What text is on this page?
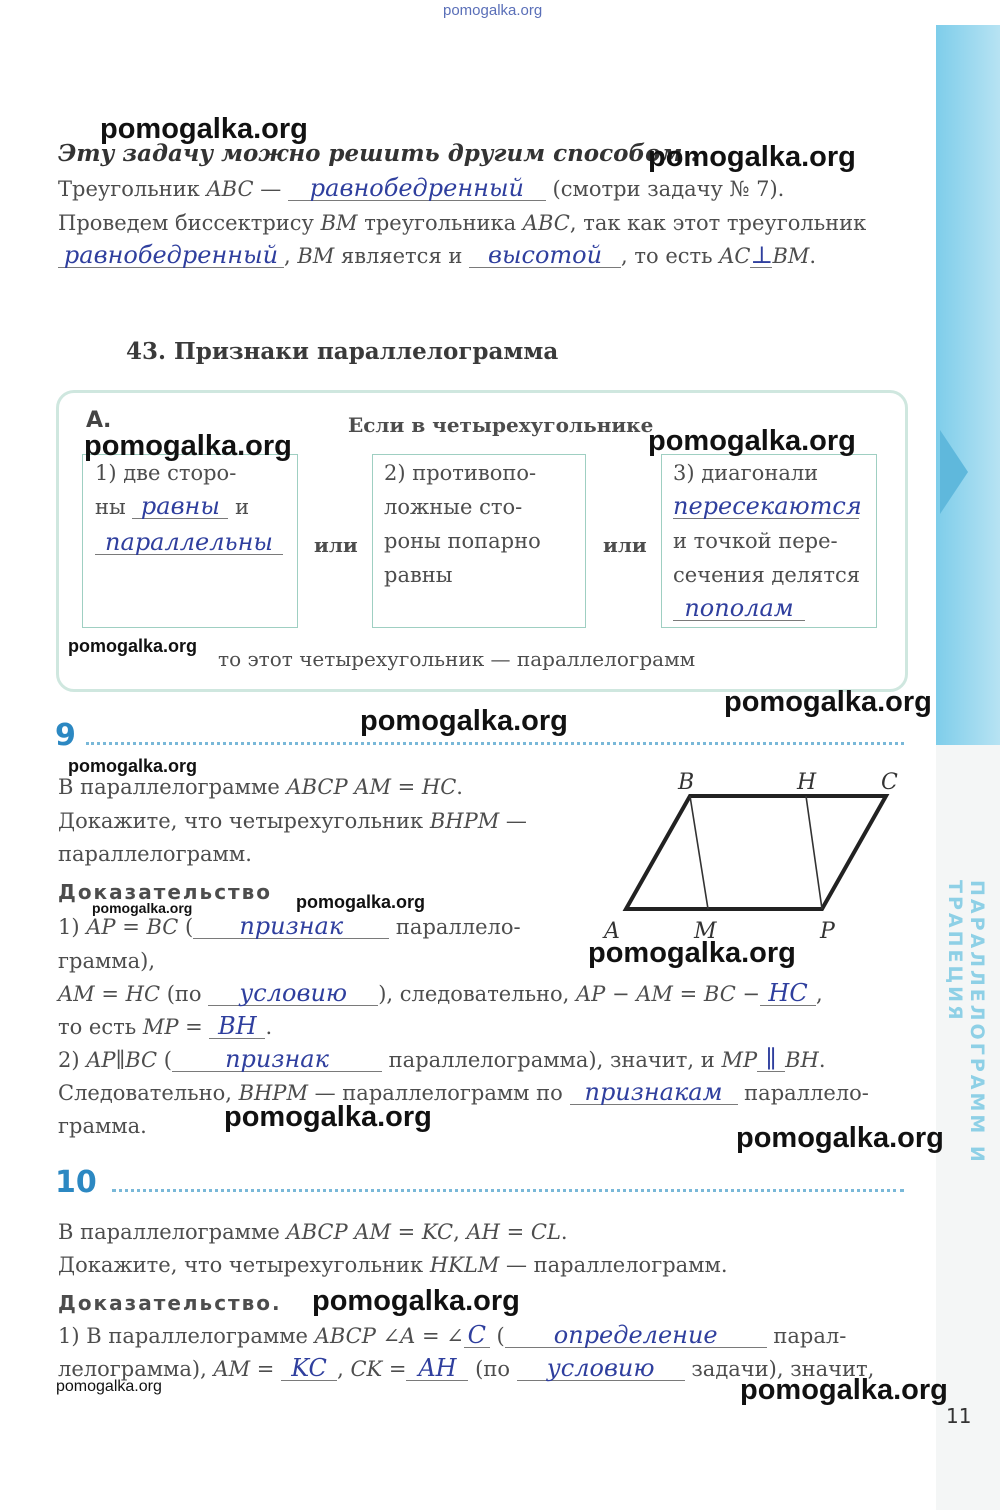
ПАРАЛЛЕЛОГРАММ И ТРАПЕЦИЯ
11
pomogalka.org
Эту задачу можно решить другим способом .
Треугольник ABC — равнобедренный (смотри задачу № 7).
Проведем биссектрису BM треугольника ABC, так как этот треугольник
равнобедренный , BM является и высотой , то есть AC⊥BM.
43. Признаки параллелограмма
А.	Если в четырехугольнике
1) две сторо-
ны равны и
параллельны	или
2) противопо-
ложные сто-
роны попарно
равны
или
3) диагонали
пересекаются
и точкой пере-
сечения делятся
пополам
то этот четырехугольник — параллелограмм
9
В параллелограмме ABCP AM = HC.
Докажите, что четырехугольник BHPM —
параллелограмм.
Доказательство
1) AP = BC ( признак параллело-
грамма),
AM = HC (по условию ), следовательно, AP − AM = BC − HC ,
то есть MP = BH .
2) AP∥BC ( признак	параллелограмма), значит, и MP ∥ BH.
Следовательно, BHPM — параллелограмм по признакам параллело-
грамма.
B	H	C
A	M	P
10
В параллелограмме ABCP AM = KC, AH = CL.
Докажите, что четырехугольник HKLM — параллелограмм.
Доказательство.
1) В параллелограмме ABCP ∠A = ∠ C ( определение парал-
лелограмма), AM = KC , CK = AH (по условию задачи), значит,
pomogalka.org
pomogalka.org
pomogalka.org	pomogalka.org
pomogalka.org
pomogalka.org
pomogalka.org
pomogalka.org
pomogalka.org
pomogalka.org
pomogalka.org
pomogalka.org
pomogalka.org
pomogalka.org
pomogalka.org
pomogalka.org
